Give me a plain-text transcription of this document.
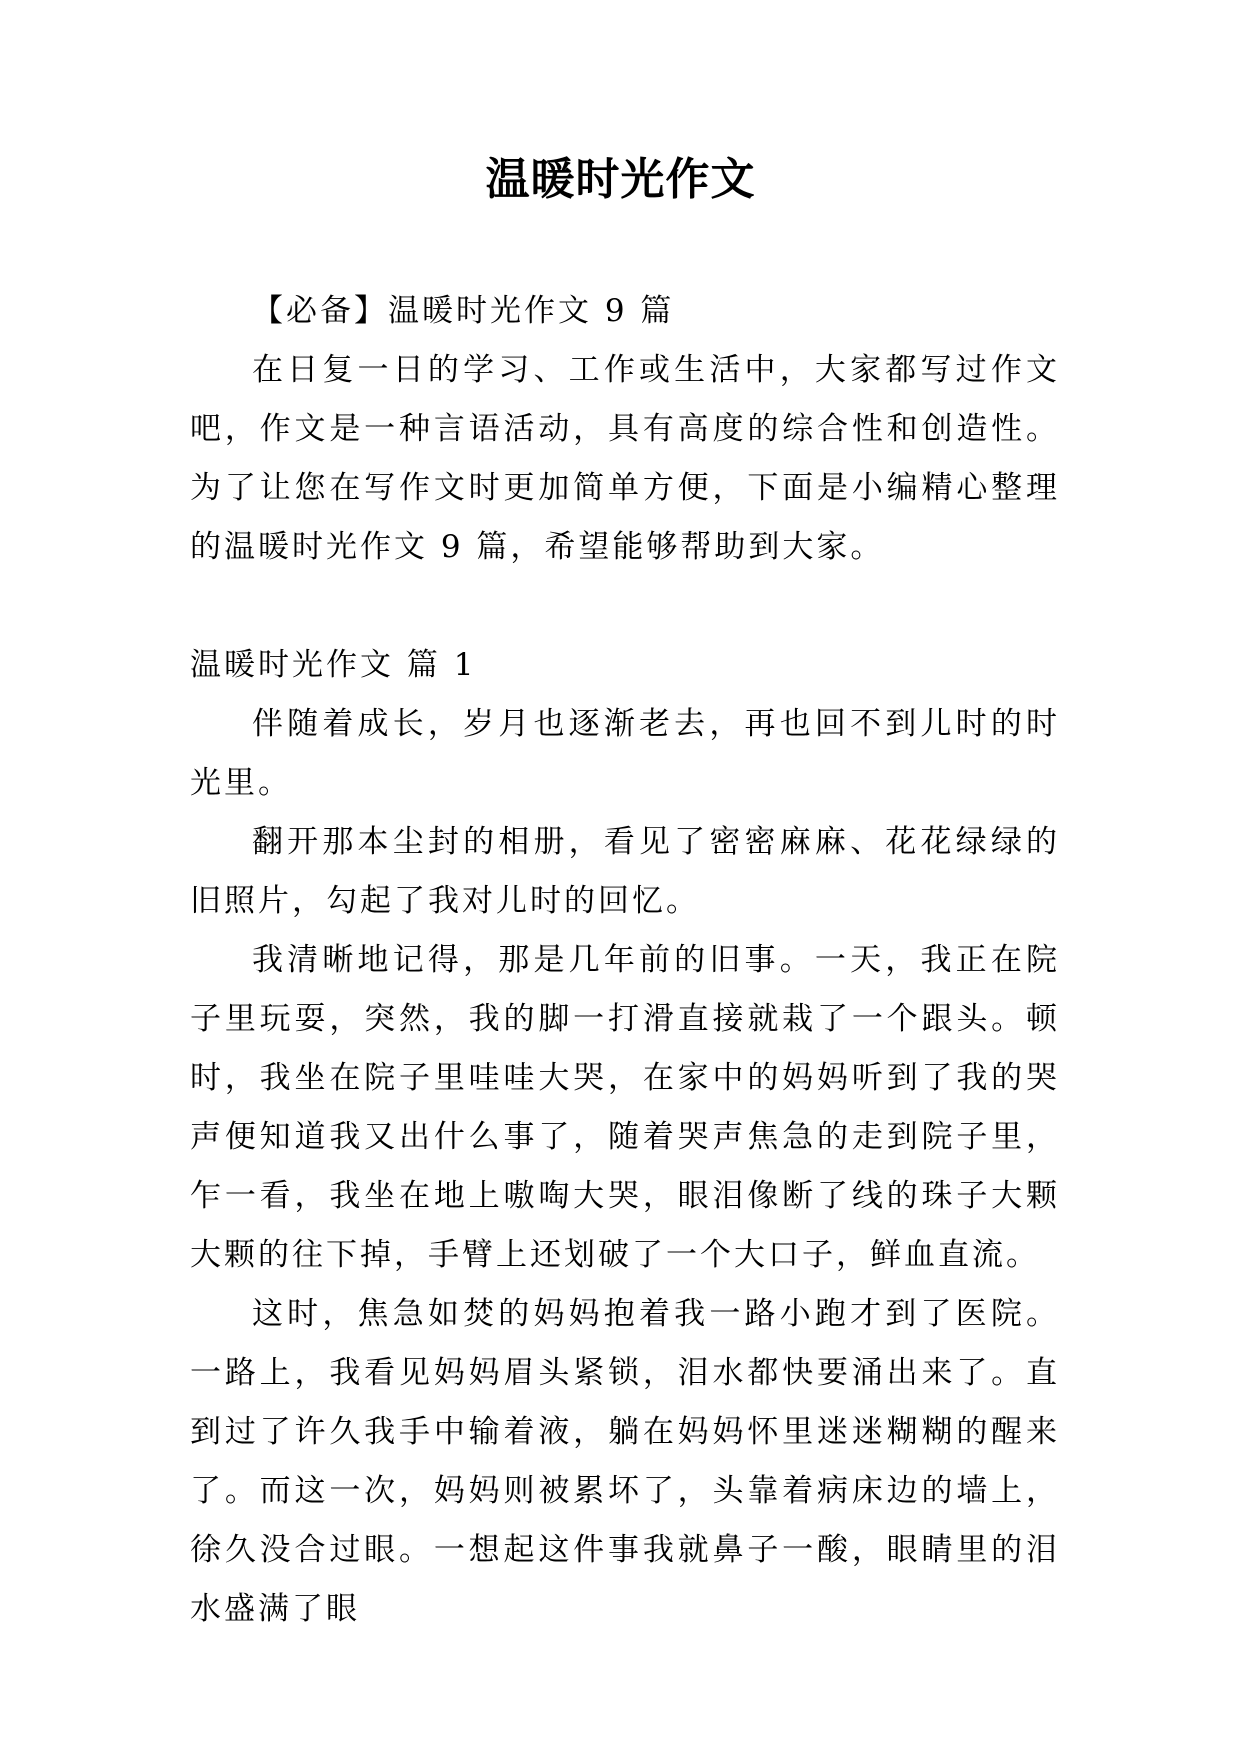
温暖时光作文

【必备】温暖时光作文 9 篇

在日复一日的学习、工作或生活中，大家都写过作文吧，作文是一种言语活动，具有高度的综合性和创造性。为了让您在写作文时更加简单方便，下面是小编精心整理的温暖时光作文 9 篇，希望能够帮助到大家。

温暖时光作文 篇 1

伴随着成长，岁月也逐渐老去，再也回不到儿时的时光里。

翻开那本尘封的相册，看见了密密麻麻、花花绿绿的旧照片，勾起了我对儿时的回忆。

我清晰地记得，那是几年前的旧事。一天，我正在院子里玩耍，突然，我的脚一打滑直接就栽了一个跟头。顿时，我坐在院子里哇哇大哭，在家中的妈妈听到了我的哭声便知道我又出什么事了，随着哭声焦急的走到院子里，乍一看，我坐在地上嗷啕大哭，眼泪像断了线的珠子大颗大颗的往下掉，手臂上还划破了一个大口子，鲜血直流。

这时，焦急如焚的妈妈抱着我一路小跑才到了医院。一路上，我看见妈妈眉头紧锁，泪水都快要涌出来了。直到过了许久我手中输着液，躺在妈妈怀里迷迷糊糊的醒来了。而这一次，妈妈则被累坏了，头靠着病床边的墙上，徐久没合过眼。一想起这件事我就鼻子一酸，眼睛里的泪水盛满了眼
